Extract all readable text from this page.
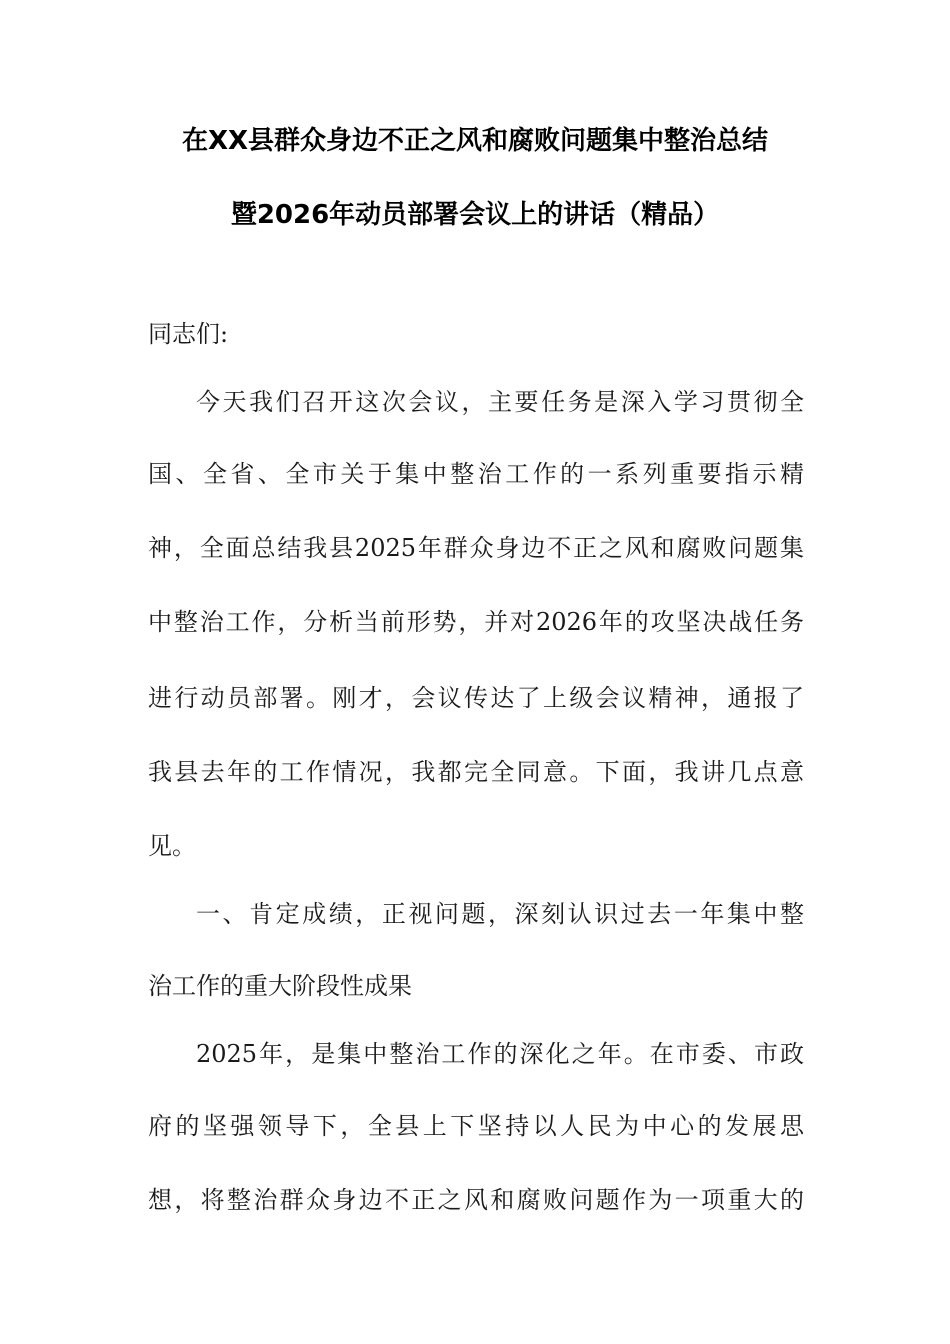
在XX县群众身边不正之风和腐败问题集中整治总结
暨2026年动员部署会议上的讲话（精品）
同志们:
今天我们召开这次会议，主要任务是深入学习贯彻全
国、全省、全市关于集中整治工作的一系列重要指示精
神，全面总结我县2025年群众身边不正之风和腐败问题集
中整治工作，分析当前形势，并对2026年的攻坚决战任务
进行动员部署。刚才，会议传达了上级会议精神，通报了
我县去年的工作情况，我都完全同意。下面，我讲几点意
见。
一、肯定成绩，正视问题，深刻认识过去一年集中整
治工作的重大阶段性成果
2025年，是集中整治工作的深化之年。在市委、市政
府的坚强领导下，全县上下坚持以人民为中心的发展思
想，将整治群众身边不正之风和腐败问题作为一项重大的
